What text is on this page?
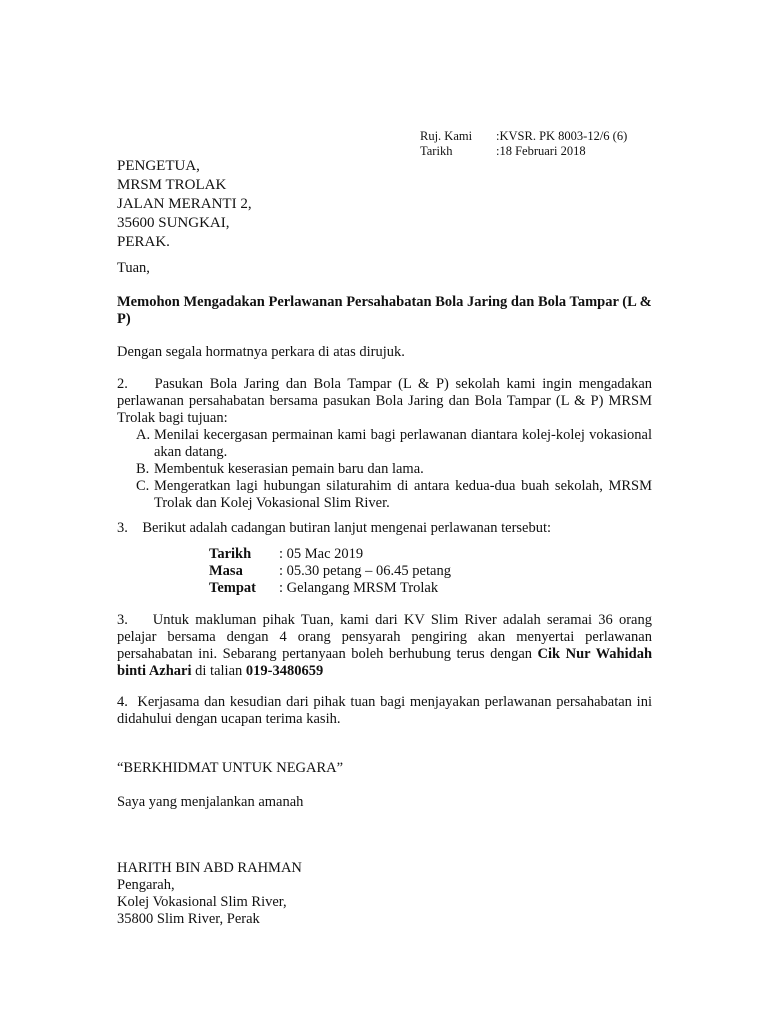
Ruj. Kami	:KVSR. PK 8003-12/6 (6)
Tarikh	:18 Februari 2018
PENGETUA,
MRSM TROLAK
JALAN MERANTI 2,
35600 SUNGKAI,
PERAK.
Tuan,
Memohon Mengadakan Perlawanan Persahabatan Bola Jaring dan Bola Tampar (L & P)
Dengan segala hormatnya perkara di atas dirujuk.
2.    Pasukan Bola Jaring dan Bola Tampar (L & P) sekolah kami ingin mengadakan perlawanan persahabatan bersama pasukan Bola Jaring dan Bola Tampar (L & P) MRSM Trolak bagi tujuan:
A. Menilai kecergasan permainan kami bagi perlawanan diantara kolej-kolej vokasional akan datang.
B. Membentuk keserasian pemain baru dan lama.
C. Mengeratkan lagi hubungan silaturahim di antara kedua-dua buah sekolah, MRSM Trolak dan Kolej Vokasional Slim River.
3.    Berikut adalah cadangan butiran lanjut mengenai perlawanan tersebut:
Tarikh	: 05 Mac 2019
Masa	: 05.30 petang – 06.45 petang
Tempat	: Gelangang MRSM Trolak
3.    Untuk makluman pihak Tuan, kami dari KV Slim River adalah seramai 36 orang pelajar bersama dengan 4 orang pensyarah pengiring akan menyertai perlawanan persahabatan ini. Sebarang pertanyaan boleh berhubung terus dengan Cik Nur Wahidah binti Azhari di talian 019-3480659
4.  Kerjasama dan kesudian dari pihak tuan bagi menjayakan perlawanan persahabatan ini didahului dengan ucapan terima kasih.
“BERKHIDMAT UNTUK NEGARA”
Saya yang menjalankan amanah
HARITH BIN ABD RAHMAN
Pengarah,
Kolej Vokasional Slim River,
35800 Slim River, Perak
